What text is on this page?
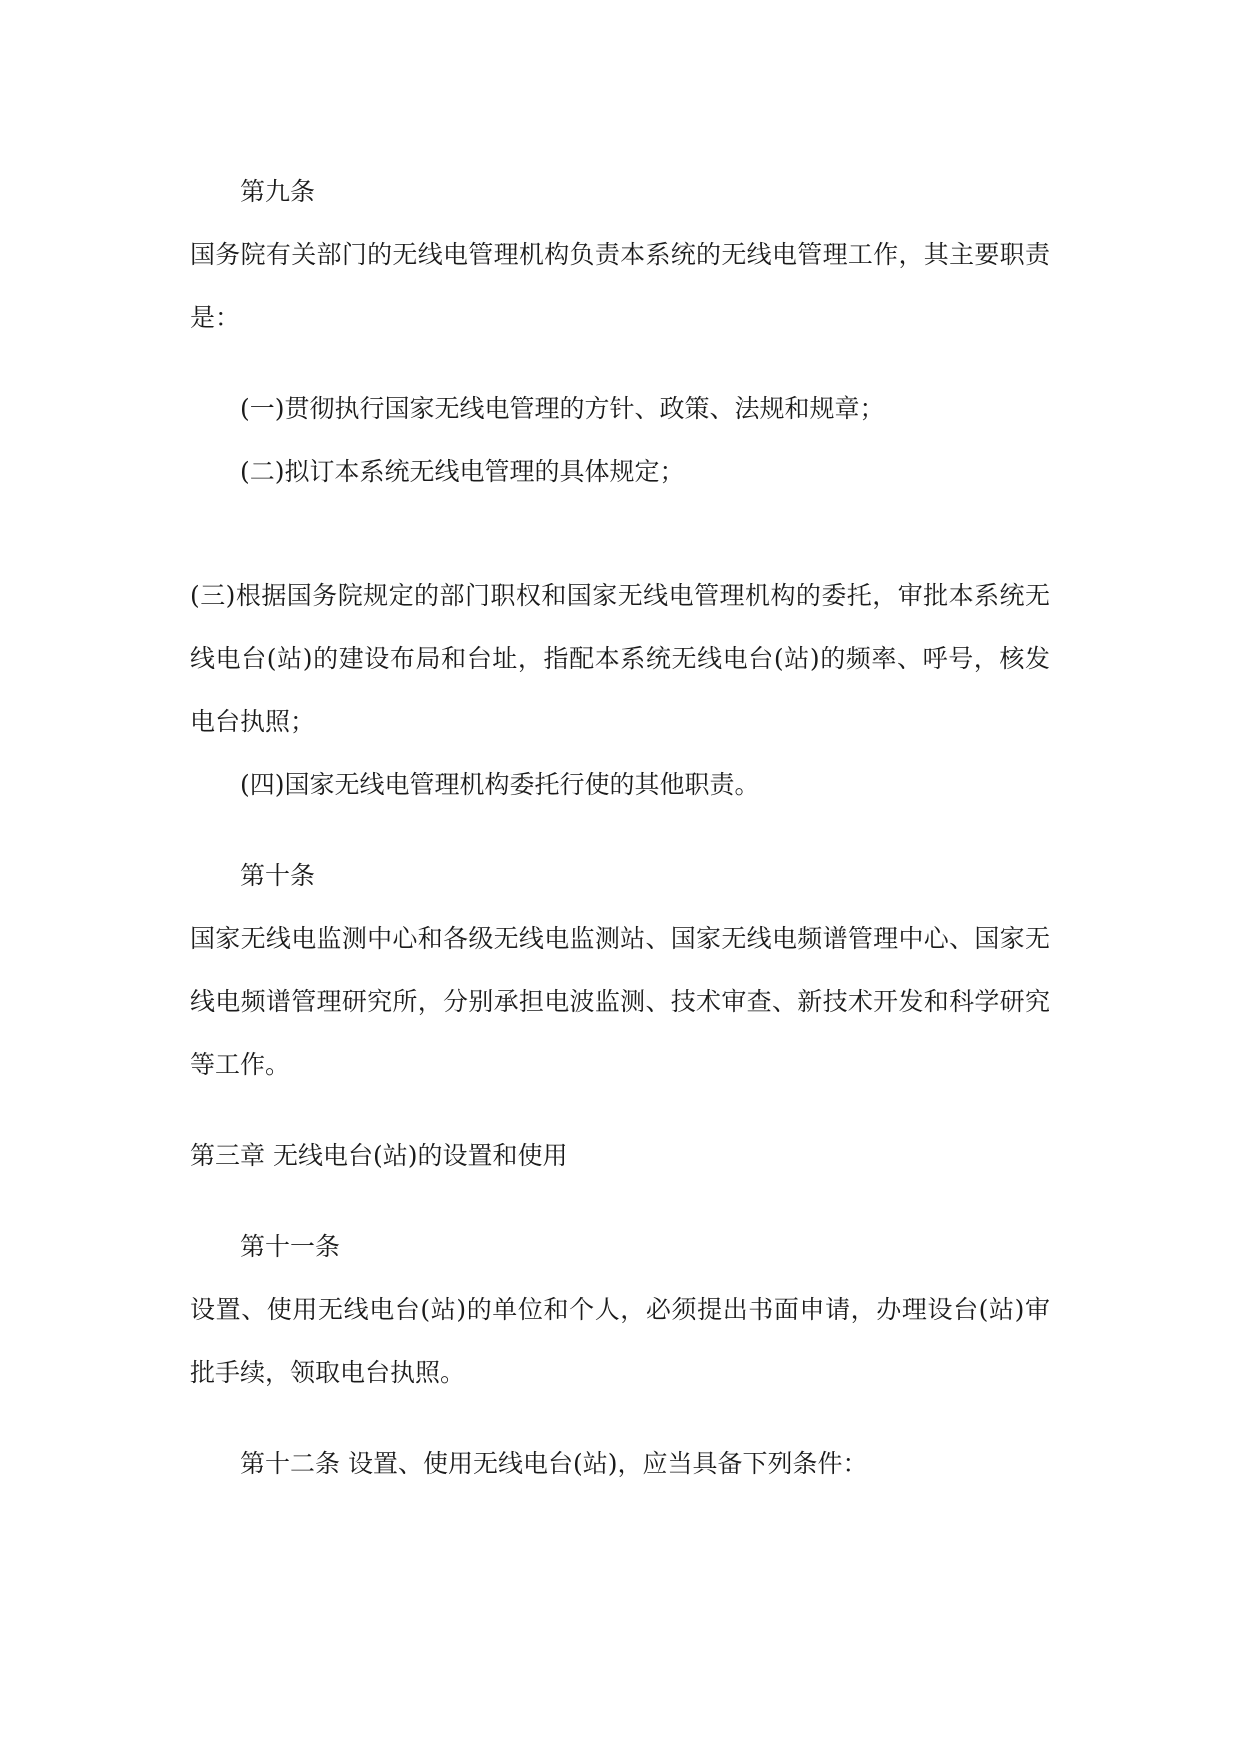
第九条

国务院有关部门的无线电管理机构负责本系统的无线电管理工作，其主要职责

是：

(一)贯彻执行国家无线电管理的方针、政策、法规和规章；

(二)拟订本系统无线电管理的具体规定；

(三)根据国务院规定的部门职权和国家无线电管理机构的委托，审批本系统无

线电台(站)的建设布局和台址，指配本系统无线电台(站)的频率、呼号，核发

电台执照；

(四)国家无线电管理机构委托行使的其他职责。

第十条

国家无线电监测中心和各级无线电监测站、国家无线电频谱管理中心、国家无

线电频谱管理研究所，分别承担电波监测、技术审查、新技术开发和科学研究

等工作。

第三章 无线电台(站)的设置和使用

第十一条

设置、使用无线电台(站)的单位和个人，必须提出书面申请，办理设台(站)审

批手续，领取电台执照。

第十二条 设置、使用无线电台(站)，应当具备下列条件：
